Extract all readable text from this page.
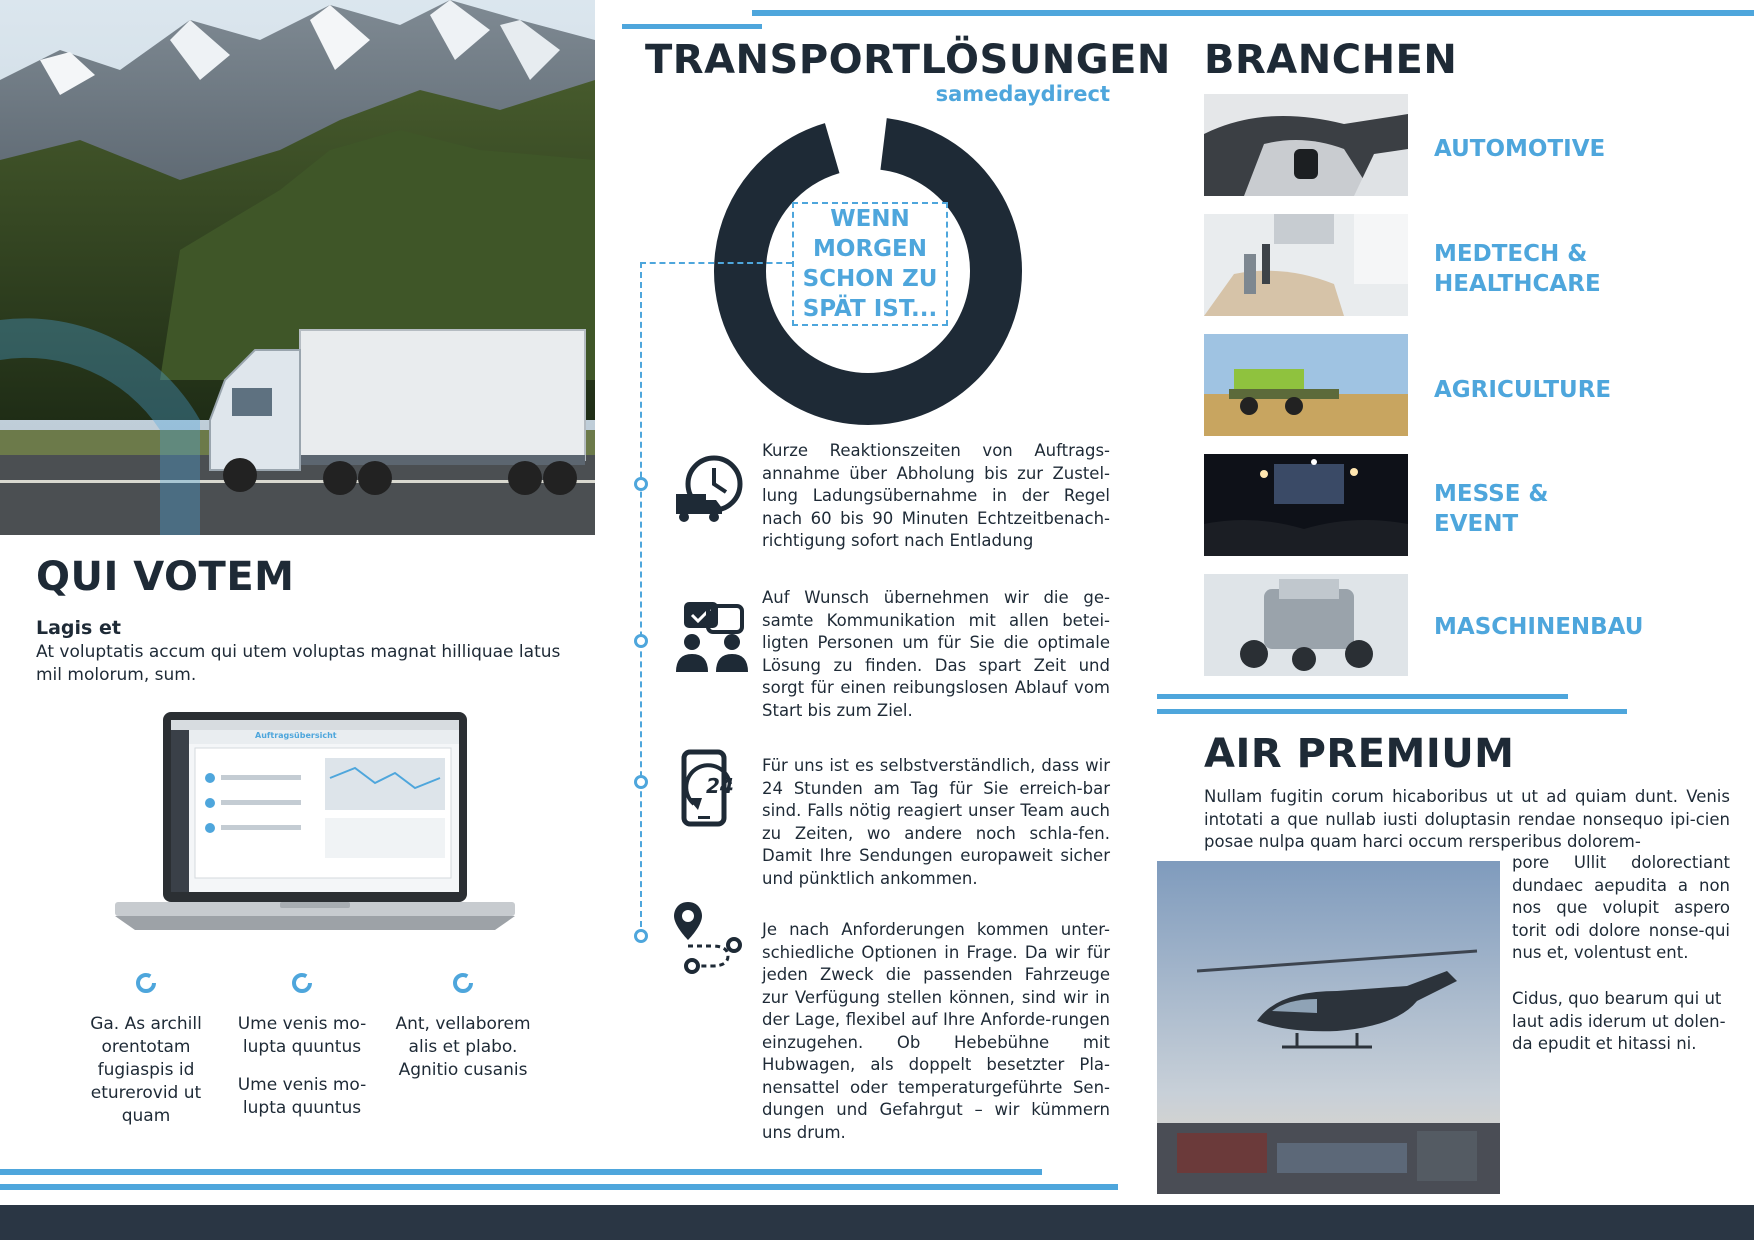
QUI VOTEM
Lagis et
At voluptatis accum qui utem voluptas magnat hilliquae latus mil molorum, sum.
Auftragsübersicht
Ga. As archill orentotam fugiaspis id eturerovid ut quam
Ume venis mo-lupta quuntus
Ume venis mo-lupta quuntus
Ant, vellaborem alis et plabo. Agnitio cusanis
TRANSPORTLÖSUNGEN
samedaydirect
WENN MORGEN SCHON ZU SPÄT IST...
24
Kurze Reaktionszeiten von Auftrags-annahme über Abholung bis zur Zustel-lung Ladungsübernahme in der Regel nach 60 bis 90 Minuten Echtzeitbenach-richtigung sofort nach Entladung
Auf Wunsch übernehmen wir die ge-samte Kommunikation mit allen betei-ligten Personen um für Sie die optimale Lösung zu finden. Das spart Zeit und sorgt für einen reibungslosen Ablauf vom Start bis zum Ziel.
Für uns ist es selbstverständlich, dass wir 24 Stunden am Tag für Sie erreich-bar sind. Falls nötig reagiert unser Team auch zu Zeiten, wo andere noch schla-fen. Damit Ihre Sendungen europaweit sicher und pünktlich ankommen.
Je nach Anforderungen kommen unter-schiedliche Optionen in Frage. Da wir für jeden Zweck die passenden Fahrzeuge zur Verfügung stellen können, sind wir in der Lage, flexibel auf Ihre Anforde-rungen einzugehen. Ob Hebebühne mit Hubwagen, als doppelt besetzter Pla-nensattel oder temperaturgeführte Sen-dungen und Gefahrgut – wir kümmern uns drum.
BRANCHEN
AUTOMOTIVE
MEDTECH &
HEALTHCARE
AGRICULTURE
MESSE &
EVENT
MASCHINENBAU
AIR PREMIUM
Nullam fugitin corum hicaboribus ut ut ad quiam dunt. Venis intotati a que nullab iusti doluptasin rendae nonsequo ipi-cien posae nulpa quam harci occum rersperibus dolorem-
pore Ullit dolorectiant dundaec aepudita a non nos que volupit aspero torit odi dolore nonse-qui nus et, volentust ent.
Cidus, quo bearum qui ut laut adis iderum ut dolen-da epudit et hitassi ni.
